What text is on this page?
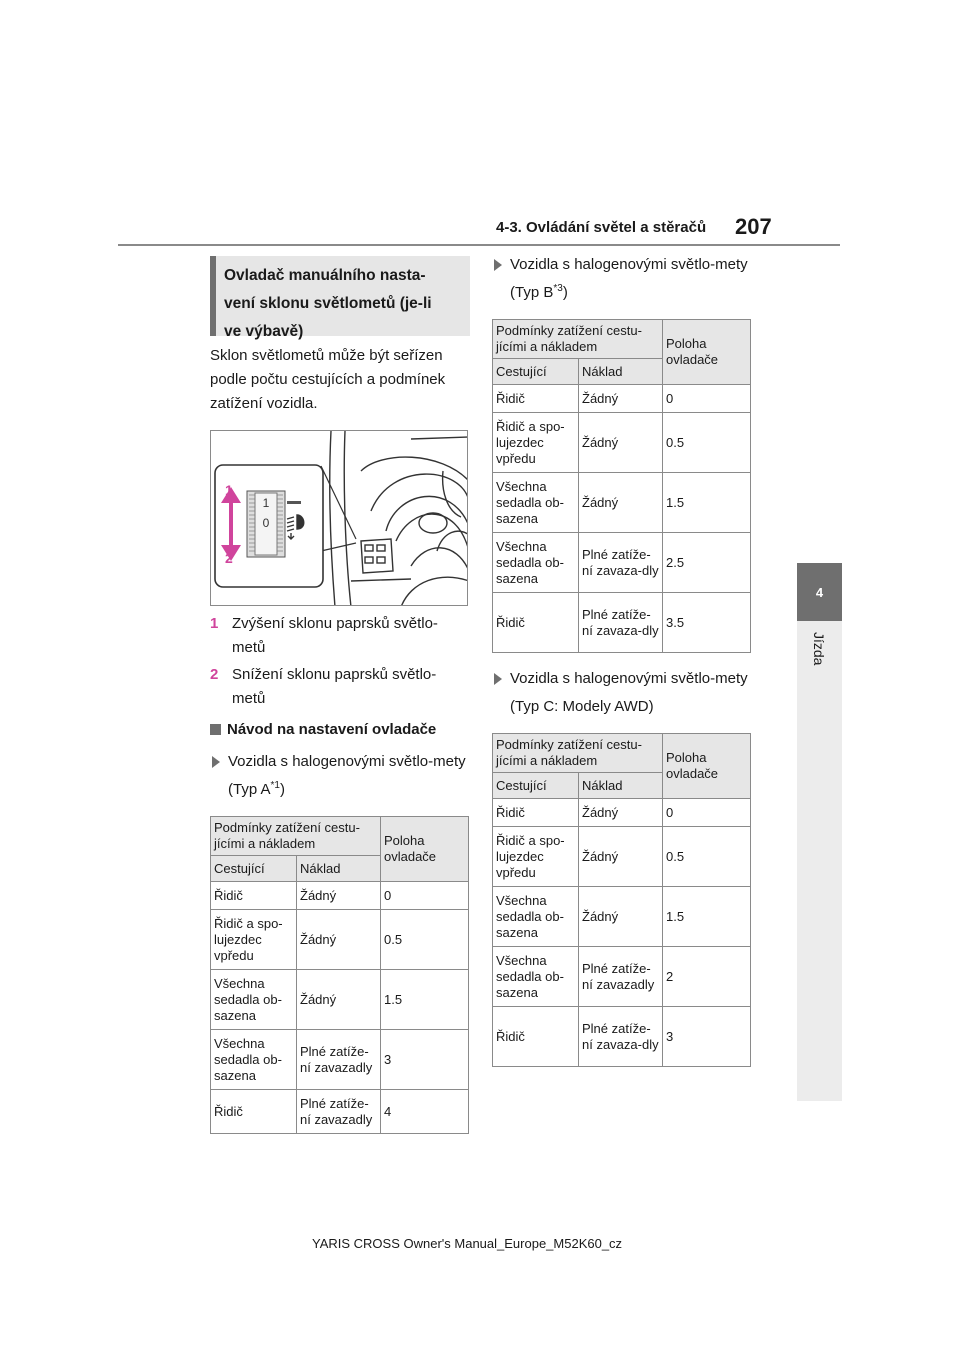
4-3. Ovládání světel a stěračů 207
4
Jízda
Ovladač manuálního nasta-
vení sklonu světlometů (je-li
ve výbavě)
Sklon světlometů může být seřízen
podle počtu cestujících a podmínek
zatížení vozidla.
1
0
1
2
1 Zvýšení sklonu paprsků světlo-
metů
2 Snížení sklonu paprsků světlo-
metů
Návod na nastavení ovladače
Vozidla s halogenovými světlo-mety (Typ $A^{*1}$)
Podmínky zatížení cestu-jícími a nákladem		Poloha ovladače
Cestující	Náklad	
Řidič	Žádný	0
Řidič a spo-lujezdec vpředu	Žádný	0.5
Všechna sedadla ob-sazena	Žádný	1.5
Všechna sedadla ob-sazena	Plné zatíže-ní zavazadly	3
Řidič	Plné zatíže-ní zavazadly	4
Vozidla s halogenovými světlo-mety (Typ $B^{*3}$)
Podmínky zatížení cestu-jícími a nákladem		Poloha ovladače
Cestující	Náklad	
Řidič	Žádný	0
Řidič a spo-lujezdec vpředu	Žádný	0.5
Všechna sedadla ob-sazena	Žádný	1.5
Všechna sedadla ob-sazena	Plné zatíže-ní zavaza-dly	2.5
Řidič	Plné zatíže-ní zavaza-dly	3.5
Vozidla s halogenovými světlo-mety (Typ C: Modely AWD)
Podmínky zatížení cestu-jícími a nákladem		Poloha ovladače
Cestující	Náklad	
Řidič	Žádný	0
Řidič a spo-lujezdec vpředu	Žádný	0.5
Všechna sedadla ob-sazena	Žádný	1.5
Všechna sedadla ob-sazena	Plné zatíže-ní zavazadly	2
Řidič	Plné zatíže-ní zavaza-dly	3
YARIS CROSS Owner's Manual_Europe_M52K60_cz
